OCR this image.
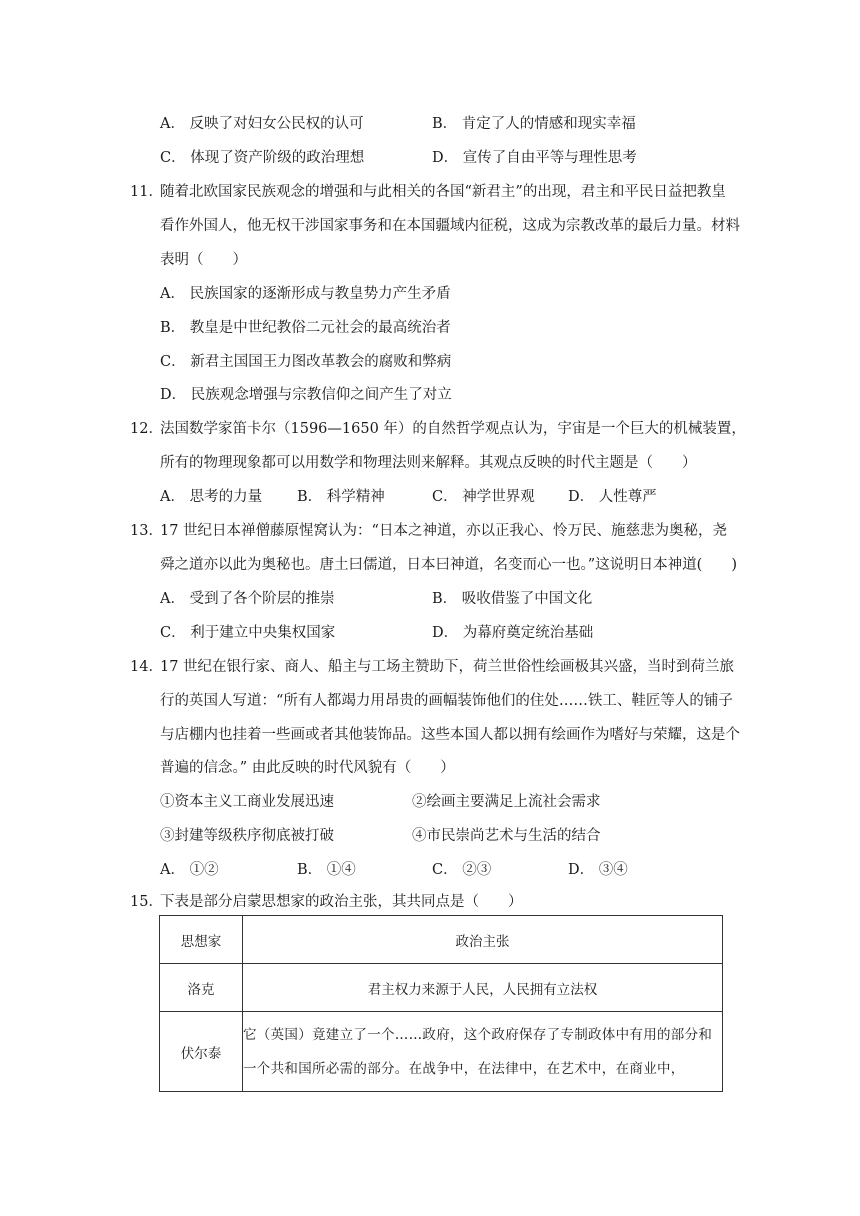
A． 反映了对妇女公民权的认可	B． 肯定了人的情感和现实幸福
C． 体现了资产阶级的政治理想	D． 宣传了自由平等与理性思考
11．
随着北欧国家民族观念的增强和与此相关的各国“新君主”的出现，君主和平民日益把教皇
看作外国人，他无权干涉国家事务和在本国疆域内征税，这成为宗教改革的最后力量。材料
表明（　　）
A． 民族国家的逐渐形成与教皇势力产生矛盾
B． 教皇是中世纪教俗二元社会的最高统治者
C． 新君主国国王力图改革教会的腐败和弊病
D． 民族观念增强与宗教信仰之间产生了对立
12．
法国数学家笛卡尔（1596—1650 年）的自然哲学观点认为，宇宙是一个巨大的机械装置，
所有的物理现象都可以用数学和物理法则来解释。其观点反映的时代主题是（　　）
A． 思考的力量 B． 科学精神	C． 神学世界观 D． 人性尊严
13．
17 世纪日本禅僧藤原惺窝认为：“日本之神道，亦以正我心、怜万民、施慈悲为奥秘，尧
舜之道亦以此为奥秘也。唐土曰儒道，日本曰神道，名变而心一也。”这说明日本神道(　　)
A． 受到了各个阶层的推崇	B． 吸收借鉴了中国文化
C． 利于建立中央集权国家	D． 为幕府奠定统治基础
14．
17 世纪在银行家、商人、船主与工场主赞助下，荷兰世俗性绘画极其兴盛，当时到荷兰旅
行的英国人写道：“所有人都竭力用昂贵的画幅装饰他们的住处……铁工、鞋匠等人的铺子
与店棚内也挂着一些画或者其他装饰品。这些本国人都以拥有绘画作为嗜好与荣耀，这是个
普遍的信念。” 由此反映的时代风貌有（　　）
①资本主义工商业发展迅速	②绘画主要满足上流社会需求
③封建等级秩序彻底被打破	④市民崇尚艺术与生活的结合
A． ①②	B． ①④	C． ②③	D． ③④
15．
下表是部分启蒙思想家的政治主张，其共同点是（　　）
思想家	政治主张
洛克	君主权力来源于人民，人民拥有立法权
伏尔泰	它（英国）竟建立了一个……政府，这个政府保存了专制政体中有用的部分和一个共和国所必需的部分。在战争中，在法律中，在艺术中，在商业中，
